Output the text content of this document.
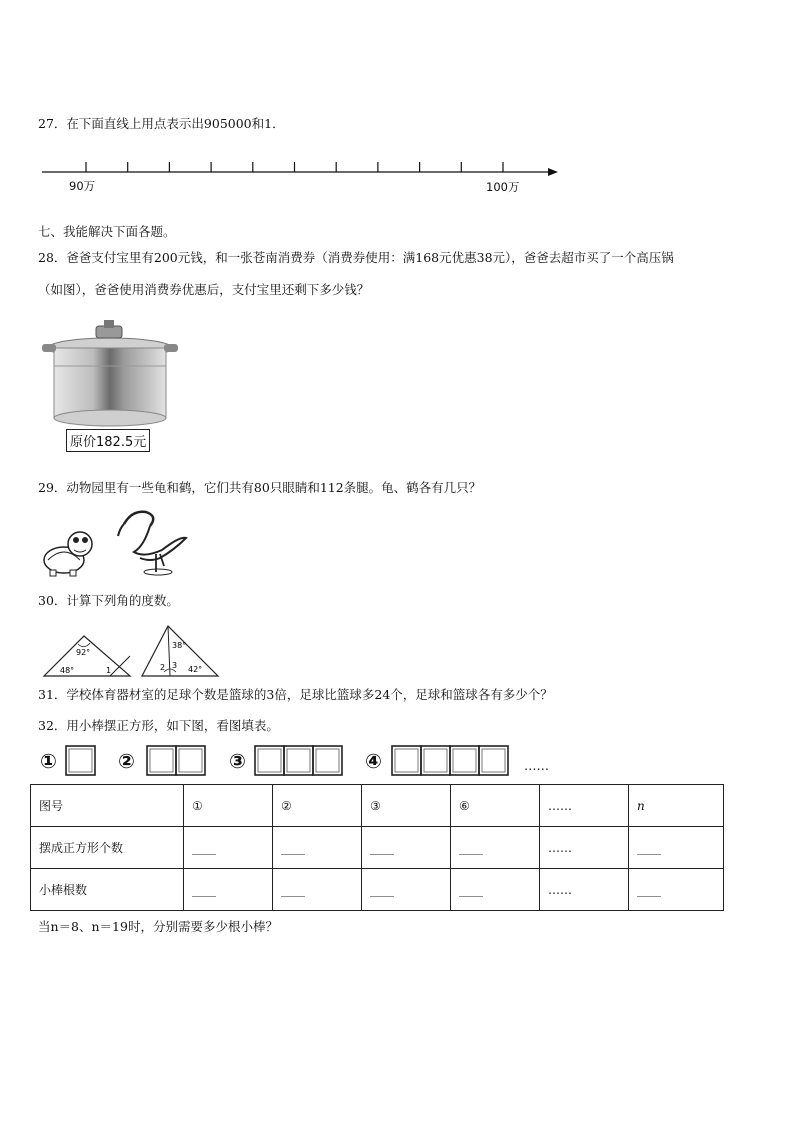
27．在下面直线上用点表示出905000和1．
90万	100万
七、我能解决下面各题。
28．爸爸支付宝里有200元钱，和一张苍南消费券（消费券使用：满168元优惠38元），爸爸去超市买了一个高压锅
（如图），爸爸使用消费券优惠后，支付宝里还剩下多少钱？
原价182.5元
29．动物园里有一些龟和鹤，它们共有80只眼睛和112条腿。龟、鹤各有几只？
30．计算下列角的度数。
92°
48°	1
38°
2 3 42°
31．学校体育器材室的足球个数是篮球的3倍，足球比篮球多24个，足球和篮球各有多少个？
32．用小棒摆正方形，如下图，看图填表。
①	②	③	④	……
图号	①	②	③	⑥	……	n
摆成正方形个数	____	____	____	____	……	____
小棒根数	____	____	____	____	……	____
当n＝8、n＝19时，分别需要多少根小棒？
